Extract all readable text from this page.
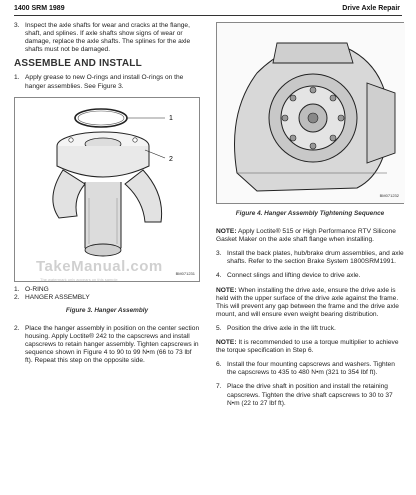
1400 SRM 1989	Drive Axle Repair
3. Inspect the axle shafts for wear and cracks at the flange, shaft, and splines. If axle shafts show signs of wear or damage, replace the axle shafts. The splines for the axle shafts must not be damaged.
ASSEMBLE AND INSTALL
1. Apply grease to new O-rings and install O-rings on the hanger assemblies. See Figure 3.
1
2
BM071231
1. O-RING
2. HANGER ASSEMBLY
Figure 3. Hanger Assembly
2. Place the hanger assembly in position on the center section housing. Apply Loctite® 242 to the capscrews and install capscrews to retain hanger assembly. Tighten capscrews in sequence shown in Figure 4 to 90 to 99 N•m (66 to 73 lbf ft). Repeat this step on the opposite side.
BM071232
Figure 4. Hanger Assembly Tightening Sequence
NOTE: Apply Loctite® 515 or High Performance RTV Silicone Gasket Maker on the axle shaft flange when installing.
3. Install the back plates, hub/brake drum assemblies, and axle shafts. Refer to the section Brake System 1800SRM1991.
4. Connect slings and lifting device to drive axle.
NOTE: When installing the drive axle, ensure the drive axle is held with the upper surface of the drive axle against the frame. This will prevent any gap between the frame and the drive axle mount, and will ensure even weight bearing distribution.
5. Position the drive axle in the lift truck.
NOTE: It is recommended to use a torque multiplier to achieve the torque specification in Step 6.
6. Install the four mounting capscrews and washers. Tighten the capscrews to 435 to 480 N•m (321 to 354 lbf ft).
7. Place the drive shaft in position and install the retaining capscrews. Tighten the drive shaft capscrews to 30 to 37 N•m (22 to 27 lbf ft).
TakeManual.com
The watermark only appears on this sample
